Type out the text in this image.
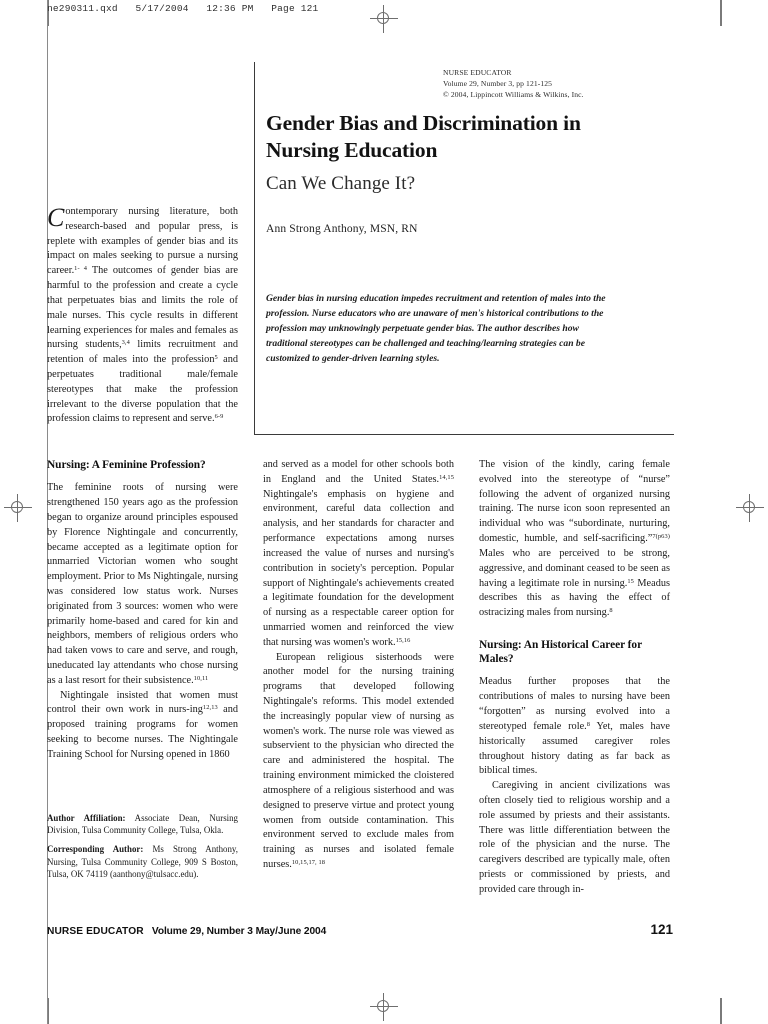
ne290311.qxd   5/17/2004   12:36 PM   Page 121
NURSE EDUCATOR
Volume 29, Number 3, pp 121-125
© 2004, Lippincott Williams & Wilkins, Inc.
Gender Bias and Discrimination in Nursing Education
Can We Change It?
Ann Strong Anthony, MSN, RN
Gender bias in nursing education impedes recruitment and retention of males into the profession. Nurse educators who are unaware of men's historical contributions to the profession may unknowingly perpetuate gender bias. The author describes how traditional stereotypes can be challenged and teaching/learning strategies can be customized to gender-driven learning styles.
Contemporary nursing literature, both research-based and popular press, is replete with examples of gender bias and its impact on males seeking to pursue a nursing career.$^{1- 4}$ The outcomes of gender bias are harmful to the profession and create a cycle that perpetuates bias and limits the role of male nurses. This cycle results in different learning experiences for males and females as nursing students,$^{3,4}$ limits recruitment and retention of males into the profession$^5$ and perpetuates traditional male/female stereotypes that make the profession irrelevant to the diverse population that the profession claims to represent and serve.$^{6-9}$
Nursing: A Feminine Profession?

The feminine roots of nursing were strengthened 150 years ago as the profession began to organize around principles espoused by Florence Nightingale and concurrently, became accepted as a legitimate option for unmarried Victorian women who sought employment. Prior to Ms Nightingale, nursing was considered low status work. Nurses originated from 3 sources: women who were primarily home-based and cared for kin and neighbors, members of religious orders who had taken vows to care and serve, and rough, uneducated lay attendants who chose nursing as a last resort for their subsistence.$^{10,11}$

Nightingale insisted that women must control their own work in nurs-ing$^{12,13}$ and proposed training programs for women seeking to become nurses. The Nightingale Training School for Nursing opened in 1860

and served as a model for other schools both in England and the United States.$^{14,15}$ Nightingale's emphasis on hygiene and environment, careful data collection and analysis, and her standards for character and performance expectations among nurses increased the value of nurses and nursing's contribution in society's perception. Popular support of Nightingale's achievements created a legitimate foundation for the development of nursing as a respectable career option for unmarried women and reinforced the view that nursing was women's work.$^{15,16}$

European religious sisterhoods were another model for the nursing training programs that developed following Nightingale's reforms. This model extended the increasingly popular view of nursing as women's work. The nurse role was viewed as subservient to the physician who directed the care and administered the hospital. The training environment mimicked the cloistered atmosphere of a religious sisterhood and was designed to preserve virtue and protect young women from outside contamination. This environment served to exclude males from training as nurses and isolated female nurses.$^{10,15,17, 18}$

The vision of the kindly, caring female evolved into the stereotype of “nurse” following the advent of organized nursing training. The nurse icon soon represented an individual who was “subordinate, nurturing, domestic, humble, and self-sacrificing.”$^{7(p63)}$ Males who are perceived to be strong, aggressive, and dominant ceased to be seen as having a legitimate role in nursing.$^{15}$ Meadus describes this as having the effect of ostracizing males from nursing.$^8$

Nursing: An Historical Career for Males?

Meadus further proposes that the contributions of males to nursing have been “forgotten” as nursing evolved into a stereotyped female role.$^8$ Yet, males have historically assumed caregiver roles throughout history dating as far back as biblical times.

Caregiving in ancient civilizations was often closely tied to religious worship and a role assumed by priests and their assistants. There was little differentiation between the role of the physician and the nurse. The caregivers described are typically male, often priests or commissioned by priests, and provided care through in-

Author Affiliation: Associate Dean, Nursing Division, Tulsa Community College, Tulsa, Okla.

Corresponding Author: Ms Strong Anthony, Nursing, Tulsa Community College, 909 S Boston, Tulsa, OK 74119 (aanthony@tulsacc.edu).

NURSE EDUCATOR Volume 29, Number 3 May/June 2004	121
